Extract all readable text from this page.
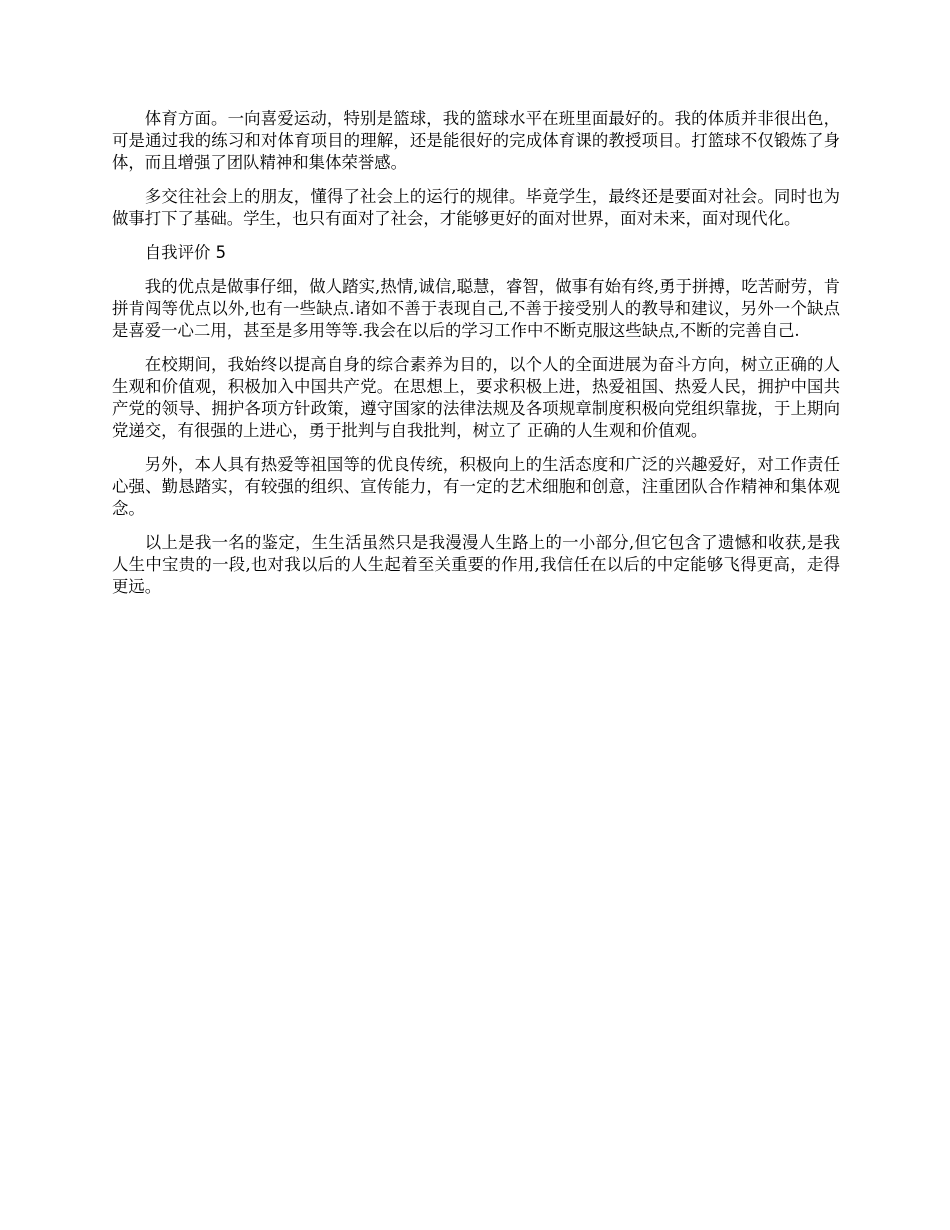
体育方面。一向喜爱运动，特别是篮球，我的篮球水平在班里面最好的。我的体质并非很出色，可是通过我的练习和对体育项目的理解，还是能很好的完成体育课的教授项目。打篮球不仅锻炼了身体，而且增强了团队精神和集体荣誉感。

多交往社会上的朋友，懂得了社会上的运行的规律。毕竟学生，最终还是要面对社会。同时也为做事打下了基础。学生，也只有面对了社会，才能够更好的面对世界，面对未来，面对现代化。

自我评价 5

我的优点是做事仔细，做人踏实,热情,诚信,聪慧，睿智，做事有始有终,勇于拼搏，吃苦耐劳，肯拼肯闯等优点以外,也有一些缺点.诸如不善于表现自己,不善于接受别人的教导和建议，另外一个缺点是喜爱一心二用，甚至是多用等等.我会在以后的学习工作中不断克服这些缺点,不断的完善自己.

在校期间，我始终以提高自身的综合素养为目的，以个人的全面进展为奋斗方向，树立正确的人生观和价值观，积极加入中国共产党。在思想上，要求积极上进，热爱祖国、热爱人民，拥护中国共产党的领导、拥护各项方针政策，遵守国家的法律法规及各项规章制度积极向党组织靠拢，于上期向党递交，有很强的上进心，勇于批判与自我批判，树立了 正确的人生观和价值观。

另外，本人具有热爱等祖国等的优良传统，积极向上的生活态度和广泛的兴趣爱好，对工作责任心强、勤恳踏实，有较强的组织、宣传能力，有一定的艺术细胞和创意，注重团队合作精神和集体观念。

以上是我一名的鉴定，生生活虽然只是我漫漫人生路上的一小部分,但它包含了遗憾和收获,是我人生中宝贵的一段,也对我以后的人生起着至关重要的作用,我信任在以后的中定能够飞得更高，走得更远。
